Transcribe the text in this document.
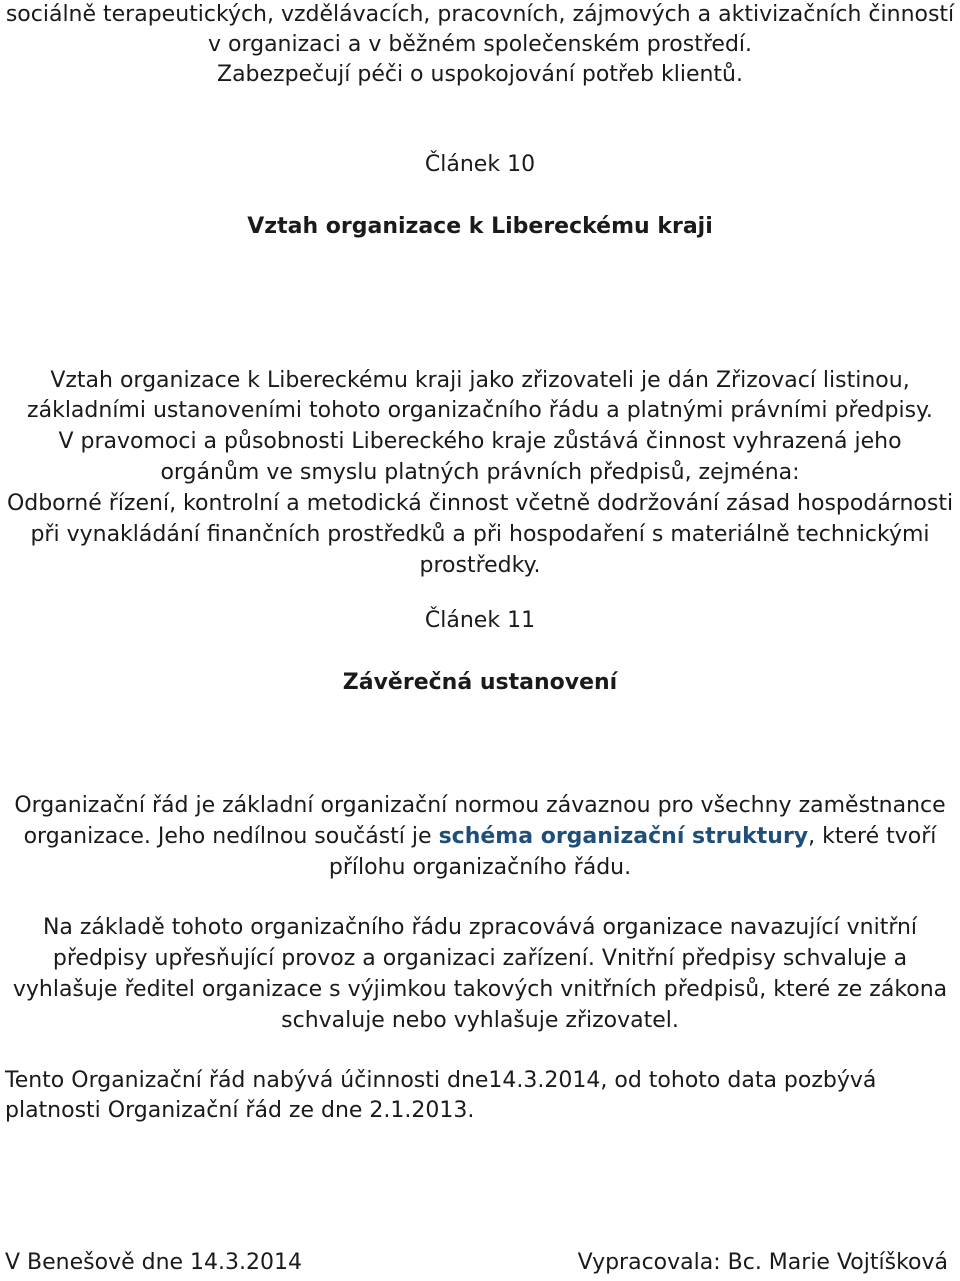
sociálně terapeutických, vzdělávacích, pracovních, zájmových a aktivizačních činností
v organizaci a v běžném společenském prostředí.
Zabezpečují péči o uspokojování potřeb klientů.
Článek 10
Vztah organizace k Libereckému kraji
Vztah organizace k Libereckému kraji jako zřizovateli je dán Zřizovací listinou,
základními ustanoveními tohoto organizačního řádu a platnými právními předpisy.
V pravomoci a působnosti Libereckého kraje zůstává činnost vyhrazená jeho
orgánům ve smyslu platných právních předpisů, zejména:
Odborné řízení, kontrolní a metodická činnost včetně dodržování zásad hospodárnosti
při vynakládání finančních prostředků a při hospodaření s materiálně technickými
prostředky.
Článek 11
Závěrečná ustanovení
Organizační řád je základní organizační normou závaznou pro všechny zaměstnance
organizace. Jeho nedílnou součástí je schéma organizační struktury, které tvoří
přílohu organizačního řádu.
Na základě tohoto organizačního řádu zpracovává organizace navazující vnitřní
předpisy upřesňující provoz a organizaci zařízení. Vnitřní předpisy schvaluje a
vyhlašuje ředitel organizace s výjimkou takových vnitřních předpisů, které ze zákona
schvaluje nebo vyhlašuje zřizovatel.
Tento Organizační řád nabývá účinnosti dne14.3.2014, od tohoto data pozbývá
platnosti Organizační řád ze dne 2.1.2013.
V Benešově dne 14.3.2014	Vypracovala: Bc. Marie Vojtíšková
